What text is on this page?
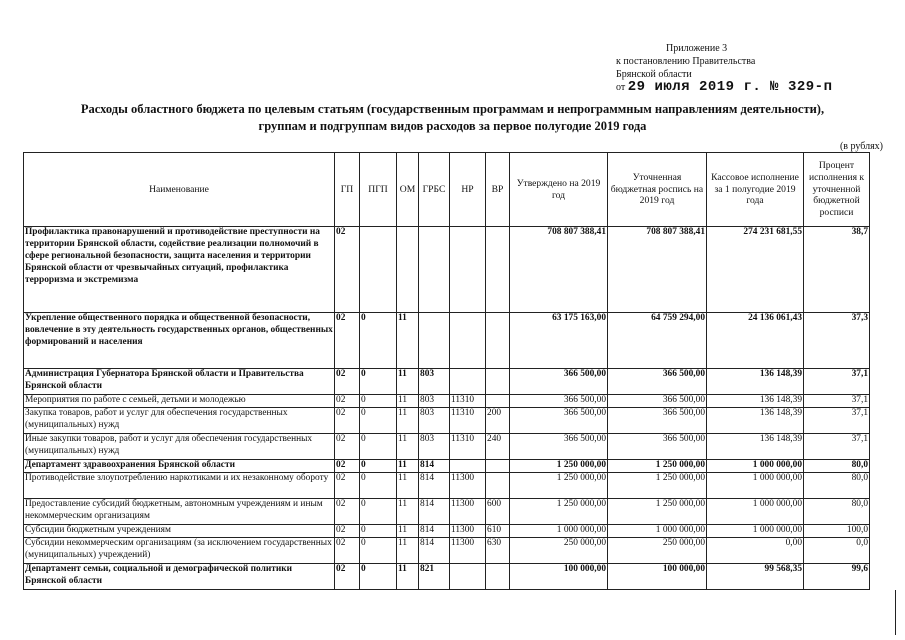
Приложение 3
к постановлению Правительства
Брянской области
от 29 июля 2019 г. № 329-п
Расходы областного бюджета по целевым статьям (государственным программам и непрограммным направлениям деятельности),
группам и подгруппам видов расходов за первое полугодие 2019 года
(в рублях)
Наименование	ГП	ПГП	ОМ	ГРБС	НР	ВР	Утверждено на 2019 год	Уточненная бюджетная роспись на 2019 год	Кассовое исполнение за 1 полугодие 2019 года	Процент исполнения к уточненной бюджетной росписи
Профилактика правонарушений и противодействие преступности на территории Брянской области, содействие реализации полномочий в сфере региональной безопасности, защита населения и территории Брянской области от чрезвычайных ситуаций, профилактика терроризма и экстремизма	02						708 807 388,41	708 807 388,41	274 231 681,55	38,7
Укрепление общественного порядка и общественной безопасности, вовлечение в эту деятельность государственных органов, общественных формирований и населения	02	0	11				63 175 163,00	64 759 294,00	24 136 061,43	37,3
Администрация Губернатора Брянской области и Правительства Брянской области	02	0	11	803			366 500,00	366 500,00	136 148,39	37,1
Мероприятия по работе с семьей, детьми и молодежью	02	0	11	803	11310		366 500,00	366 500,00	136 148,39	37,1
Закупка товаров, работ и услуг для обеспечения государственных (муниципальных) нужд	02	0	11	803	11310	200	366 500,00	366 500,00	136 148,39	37,1
Иные закупки товаров, работ и услуг для обеспечения государственных (муниципальных) нужд	02	0	11	803	11310	240	366 500,00	366 500,00	136 148,39	37,1
Департамент здравоохранения Брянской области	02	0	11	814			1 250 000,00	1 250 000,00	1 000 000,00	80,0
Противодействие злоупотреблению наркотиками и их незаконному обороту	02	0	11	814	11300		1 250 000,00	1 250 000,00	1 000 000,00	80,0
Предоставление субсидий бюджетным, автономным учреждениям и иным некоммерческим организациям	02	0	11	814	11300	600	1 250 000,00	1 250 000,00	1 000 000,00	80,0
Субсидии бюджетным учреждениям	02	0	11	814	11300	610	1 000 000,00	1 000 000,00	1 000 000,00	100,0
Субсидии некоммерческим организациям (за исключением государственных (муниципальных) учреждений)	02	0	11	814	11300	630	250 000,00	250 000,00	0,00	0,0
Департамент семьи, социальной и демографической политики Брянской области	02	0	11	821			100 000,00	100 000,00	99 568,35	99,6
